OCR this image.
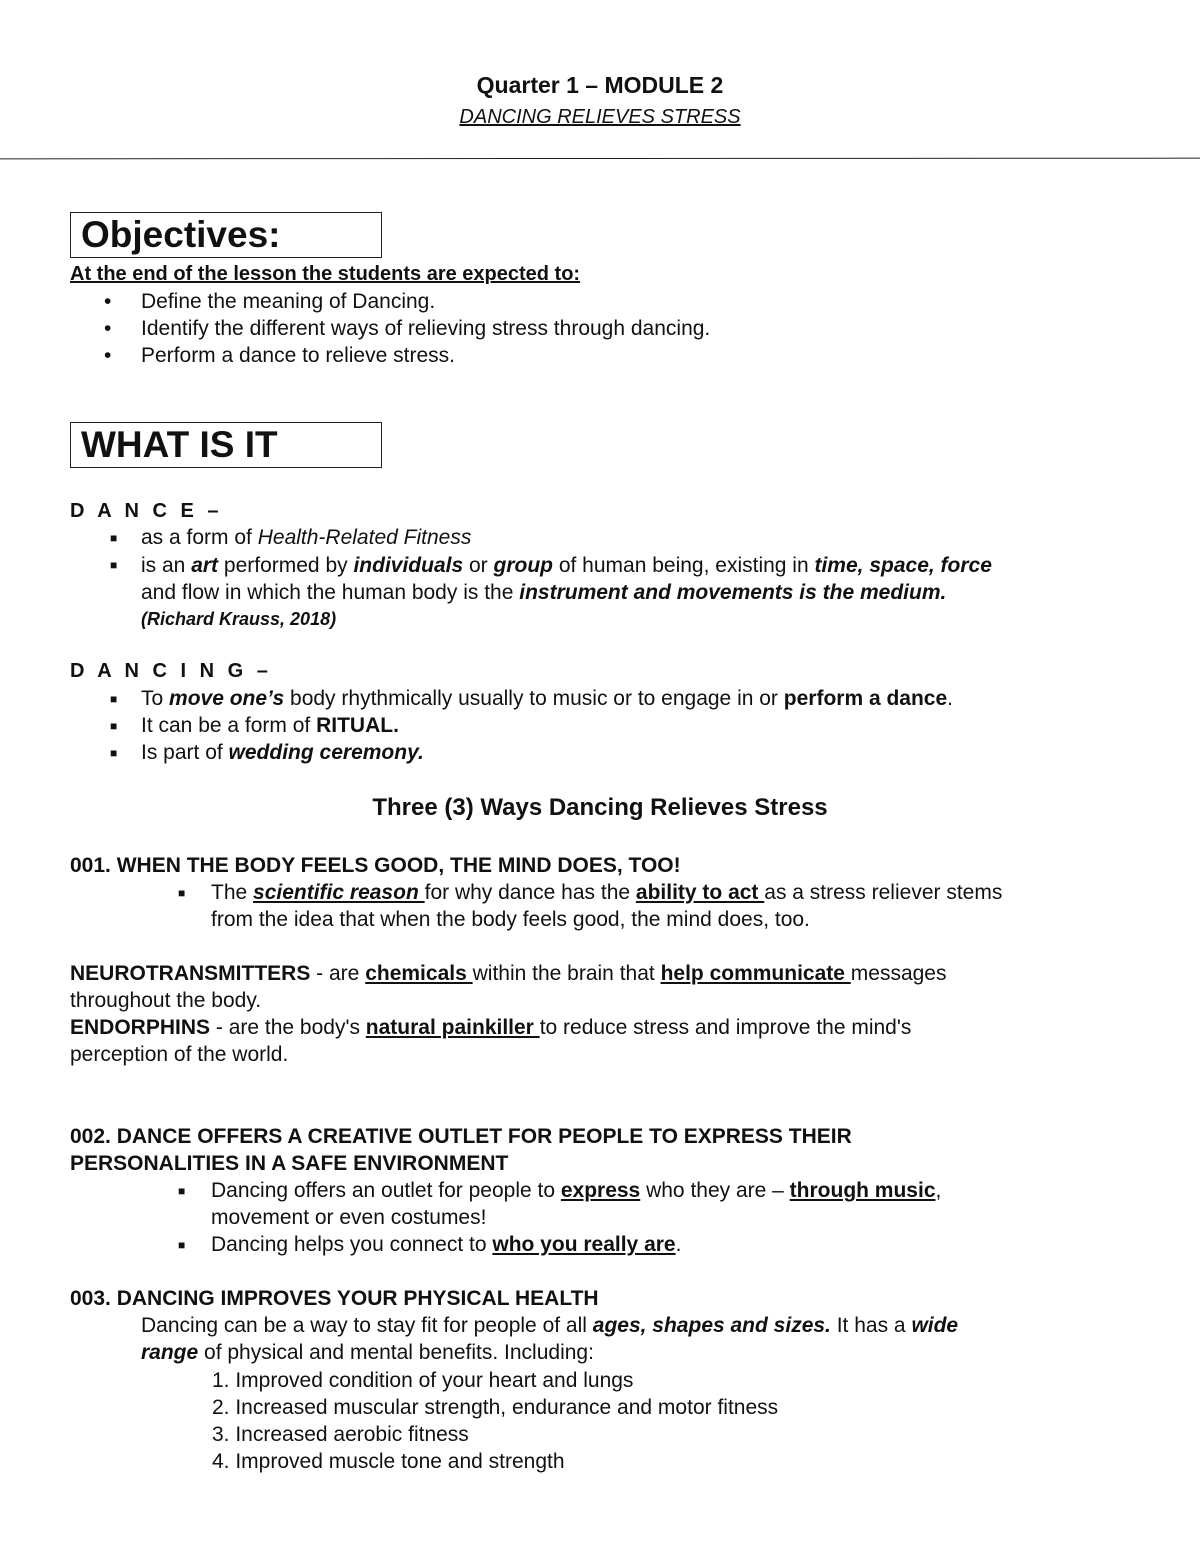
Quarter 1 – MODULE 2
DANCING RELIEVES STRESS
Objectives:
At the end of the lesson the students are expected to:
• Define the meaning of Dancing.
• Identify the different ways of relieving stress through dancing.
• Perform a dance to relieve stress.
WHAT IS IT
D A N C E –
■ as a form of Health-Related Fitness
■ is an art performed by individuals or group of human being, existing in time, space, force
and flow in which the human body is the instrument and movements is the medium.
(Richard Krauss, 2018)
D A N C I N G –
■ To move one’s body rhythmically usually to music or to engage in or perform a dance.
■ It can be a form of RITUAL.
■ Is part of wedding ceremony.
Three (3) Ways Dancing Relieves Stress
001. WHEN THE BODY FEELS GOOD, THE MIND DOES, TOO!
■ The scientific reason for why dance has the ability to act as a stress reliever stems
from the idea that when the body feels good, the mind does, too.
NEUROTRANSMITTERS - are chemicals within the brain that help communicate messages
throughout the body.
ENDORPHINS - are the body's natural painkiller to reduce stress and improve the mind's
perception of the world.
002. DANCE OFFERS A CREATIVE OUTLET FOR PEOPLE TO EXPRESS THEIR
PERSONALITIES IN A SAFE ENVIRONMENT
■ Dancing offers an outlet for people to express who they are – through music,
movement or even costumes!
■ Dancing helps you connect to who you really are.
003. DANCING IMPROVES YOUR PHYSICAL HEALTH
Dancing can be a way to stay fit for people of all ages, shapes and sizes. It has a wide
range of physical and mental benefits. Including:
1. Improved condition of your heart and lungs
2. Increased muscular strength, endurance and motor fitness
3. Increased aerobic fitness
4. Improved muscle tone and strength
